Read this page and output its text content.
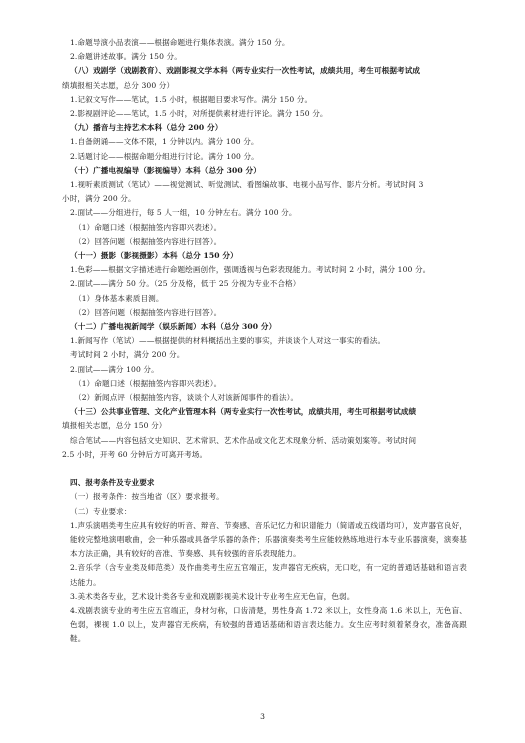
1.命题导演小品表演——根据命题进行集体表演。满分 150 分。
2.命题讲述故事。满分 150 分。
（八）戏剧学（戏剧教育）、戏剧影视文学本科（两专业实行一次性考试，成绩共用，考生可根据考试成
绩填报相关志愿，总分 300 分）
1.记叙文写作——笔试，1.5 小时，根据题目要求写作。满分 150 分。
2.影视剧评论——笔试，1.5 小时，对所提供素材进行评论。满分 150 分。
（九）播音与主持艺术本科（总分 200 分）
1.自备朗诵——文体不限，1 分钟以内。满分 100 分。
2.话题讨论——根据命题分组进行讨论。满分 100 分。
（十）广播电视编导（影视编导）本科（总分 300 分）
1.视听素质测试（笔试）——视觉测试、听觉测试、看图编故事、电视小品写作、影片分析。考试时间 3
小时，满分 200 分。
2.面试——分组进行，每 5 人一组，10 分钟左右。满分 100 分。
（1）命题口述（根据抽签内容即兴表述）。
（2）回答问题（根据抽签内容进行回答）。
（十一）摄影（影视摄影）本科（总分 150 分）
1.色彩——根据文字描述进行命题绘画创作，强调透视与色彩表现能力。考试时间 2 小时，满分 100 分。
2.面试——满分 50 分。（25 分及格，低于 25 分视为专业不合格）
（1）身体基本素质目测。
（2）回答问题（根据抽签内容进行回答）。
（十二）广播电视新闻学（娱乐新闻）本科（总分 300 分）
1.新闻写作（笔试）——根据提供的材料概括出主要的事实，并谈谈个人对这一事实的看法。
考试时间 2 小时，满分 200 分。
2.面试——满分 100 分。
（1）命题口述（根据抽签内容即兴表述）。
（2）新闻点评（根据抽签内容，谈谈个人对该新闻事件的看法）。
（十三）公共事业管理、文化产业管理本科（两专业实行一次性考试，成绩共用，考生可根据考试成绩
填报相关志愿，总分 150 分）
综合笔试——内容包括文史知识、艺术常识、艺术作品或文化艺术现象分析、活动策划案等。考试时间
2.5 小时，开考 60 分钟后方可离开考场。
四、报考条件及专业要求
（一）报考条件：按当地省（区）要求报考。
（二）专业要求：
1.声乐演唱类考生应具有较好的听音、辩音、节奏感、音乐记忆力和识谱能力（简谱或五线谱均可），发声器官良好，能较完整地演唱歌曲，会一种乐器或具备学乐器的条件；乐器演奏类考生应能较熟练地进行本专业乐器演奏，演奏基本方法正确，具有较好的音准、节奏感、具有较强的音乐表现能力。
2.音乐学（含专业类及师范类）及作曲类考生应五官端正，发声器官无疾病，无口吃，有一定的普通话基础和语言表达能力。
3.美术类各专业，艺术设计类各专业和戏剧影视美术设计专业考生应无色盲，色弱。
4.戏剧表演专业的考生应五官端正，身材匀称，口齿清楚，男性身高 1.72 米以上，女性身高 1.6 米以上，无色盲、色弱，裸视 1.0 以上，发声器官无疾病，有较强的普通话基础和语言表达能力。女生应考时须着紧身衣，准备高跟鞋。
3
